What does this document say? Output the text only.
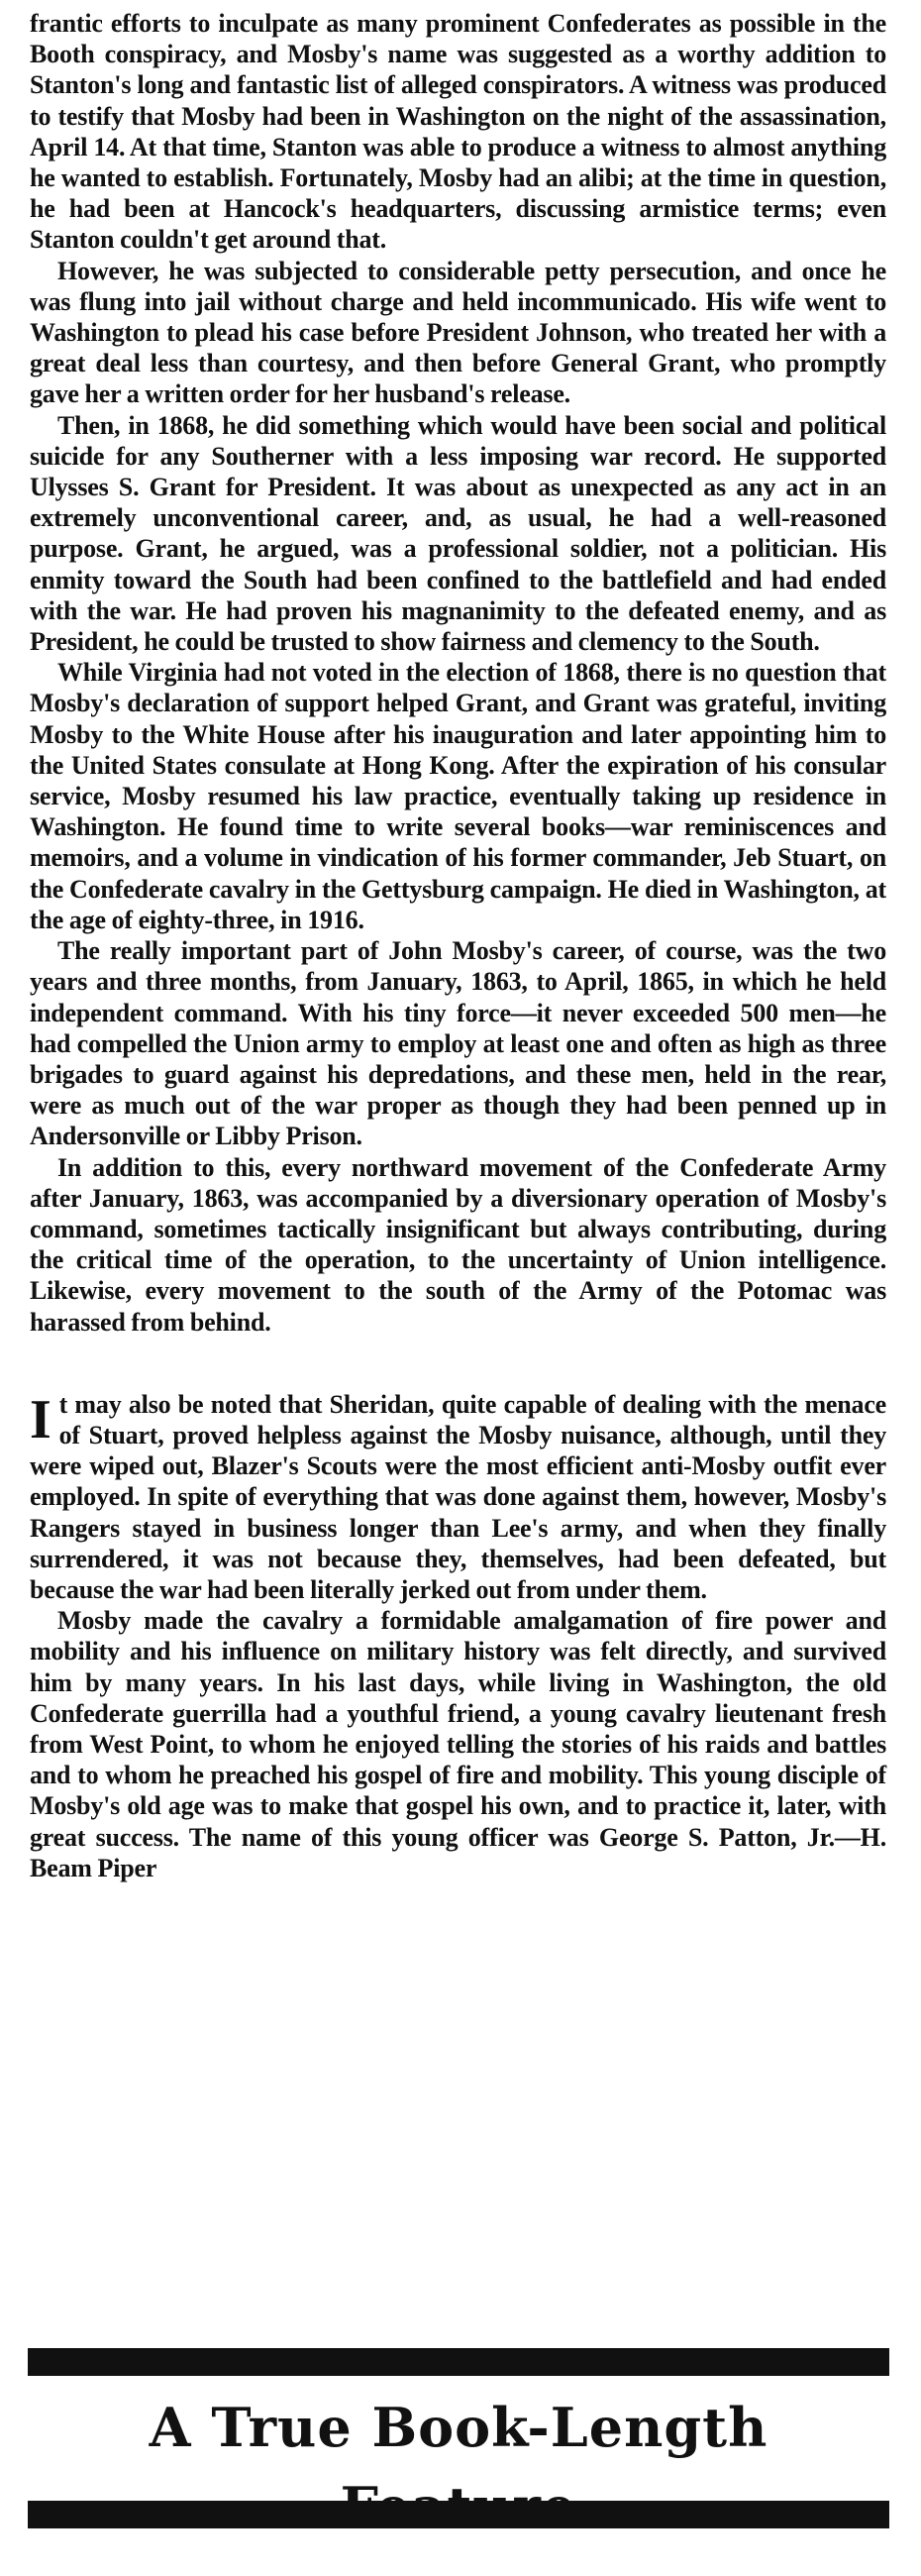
frantic efforts to inculpate as many prominent Confederates as possible in the Booth conspiracy, and Mosby's name was suggested as a worthy addition to Stanton's long and fantastic list of alleged conspirators. A witness was produced to testify that Mosby had been in Washington on the night of the assassination, April 14. At that time, Stanton was able to produce a witness to almost anything he wanted to establish. Fortunately, Mosby had an alibi; at the time in question, he had been at Hancock's headquarters, discussing armistice terms; even Stanton couldn't get around that.

However, he was subjected to considerable petty persecution, and once he was flung into jail without charge and held incommunicado. His wife went to Washington to plead his case before President Johnson, who treated her with a great deal less than courtesy, and then before General Grant, who promptly gave her a written order for her husband's release.

Then, in 1868, he did something which would have been social and political suicide for any Southerner with a less imposing war record. He supported Ulysses S. Grant for President. It was about as unexpected as any act in an extremely unconventional career, and, as usual, he had a well-reasoned purpose. Grant, he argued, was a professional soldier, not a politician. His enmity toward the South had been confined to the battlefield and had ended with the war. He had proven his magnanimity to the defeated enemy, and as President, he could be trusted to show fairness and clemency to the South.

While Virginia had not voted in the election of 1868, there is no question that Mosby's declaration of support helped Grant, and Grant was grateful, inviting Mosby to the White House after his inauguration and later appointing him to the United States consulate at Hong Kong. After the expiration of his consular service, Mosby resumed his law practice, eventually taking up residence in Washington. He found time to write several books—war reminiscences and memoirs, and a volume in vindication of his former commander, Jeb Stuart, on the Confederate cavalry in the Gettysburg campaign. He died in Washington, at the age of eighty-three, in 1916.

The really important part of John Mosby's career, of course, was the two years and three months, from January, 1863, to April, 1865, in which he held independent command. With his tiny force—it never exceeded 500 men—he had compelled the Union army to employ at least one and often as high as three brigades to guard against his depredations, and these men, held in the rear, were as much out of the war proper as though they had been penned up in Andersonville or Libby Prison.

In addition to this, every northward movement of the Confederate Army after January, 1863, was accompanied by a diversionary operation of Mosby's command, sometimes tactically insignificant but always contributing, during the critical time of the operation, to the uncertainty of Union intelligence. Likewise, every movement to the south of the Army of the Potomac was harassed from behind.

It may also be noted that Sheridan, quite capable of dealing with the menace of Stuart, proved helpless against the Mosby nuisance, although, until they were wiped out, Blazer's Scouts were the most efficient anti-Mosby outfit ever employed. In spite of everything that was done against them, however, Mosby's Rangers stayed in business longer than Lee's army, and when they finally surrendered, it was not because they, themselves, had been defeated, but because the war had been literally jerked out from under them.

Mosby made the cavalry a formidable amalgamation of fire power and mobility and his influence on military history was felt directly, and survived him by many years. In his last days, while living in Washington, the old Confederate guerrilla had a youthful friend, a young cavalry lieutenant fresh from West Point, to whom he enjoyed telling the stories of his raids and battles and to whom he preached his gospel of fire and mobility. This young disciple of Mosby's old age was to make that gospel his own, and to practice it, later, with great success. The name of this young officer was George S. Patton, Jr.—H. Beam Piper

A True Book-Length
